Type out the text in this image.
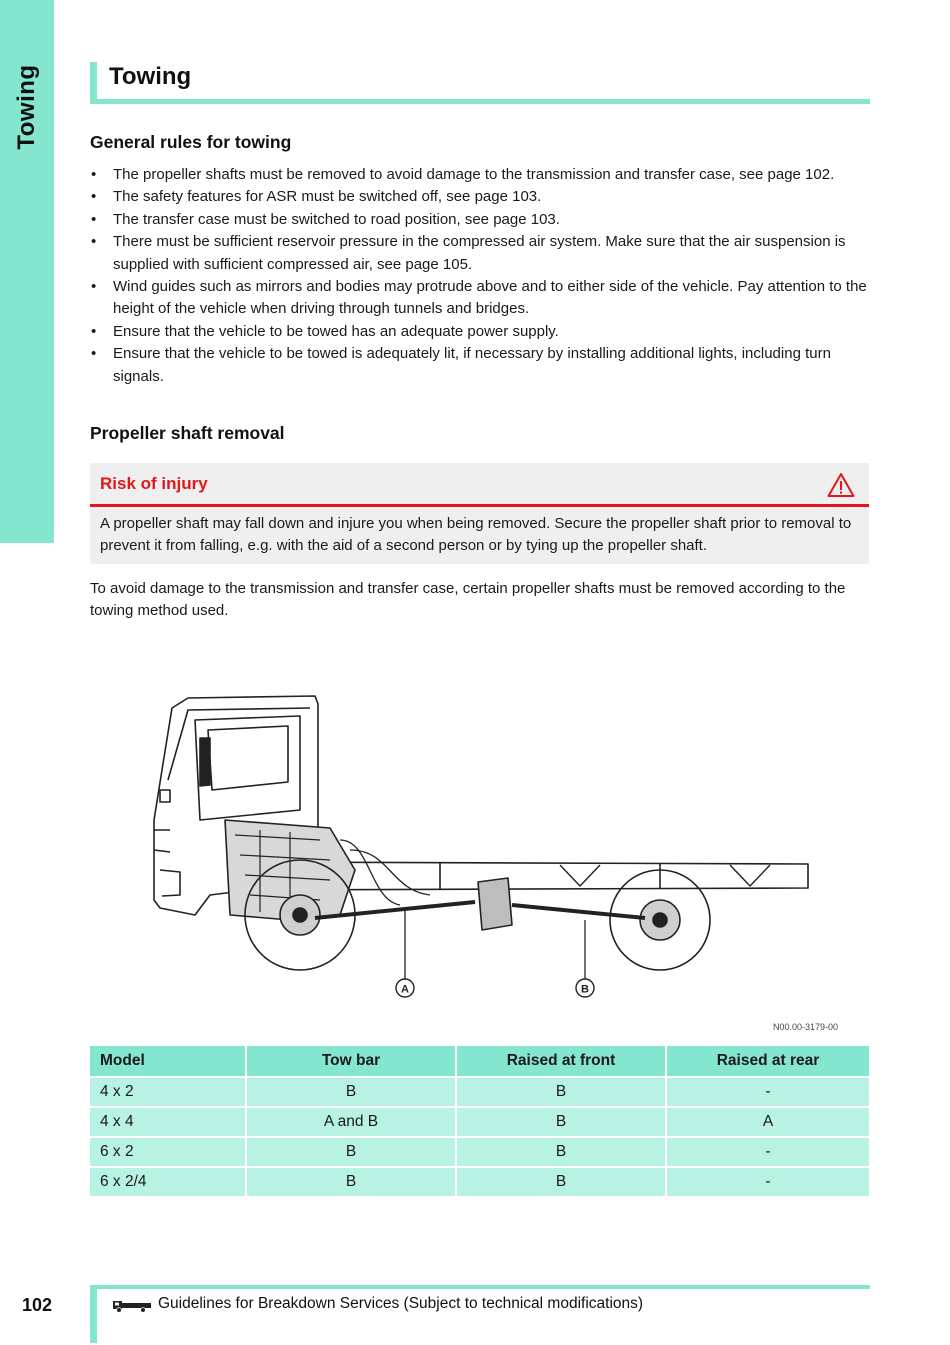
Towing	Towing
General rules for towing
• The propeller shafts must be removed to avoid damage to the transmission and transfer case, see page 102.
• The safety features for ASR must be switched off, see page 103.
• The transfer case must be switched to road position, see page 103.
• There must be sufficient reservoir pressure in the compressed air system. Make sure that the air suspension is supplied with sufficient compressed air, see page 105.
• Wind guides such as mirrors and bodies may protrude above and to either side of the vehicle. Pay attention to the height of the vehicle when driving through tunnels and bridges.
• Ensure that the vehicle to be towed has an adequate power supply.
• Ensure that the vehicle to be towed is adequately lit, if necessary by installing additional lights, including turn signals.
Propeller shaft removal
Risk of injury
A propeller shaft may fall down and injure you when being removed. Secure the propeller shaft prior to removal to prevent it from falling, e.g. with the aid of a second person or by tying up the propeller shaft.
To avoid damage to the transmission and transfer case, certain propeller shafts must be removed according to the towing method used.
A	B
N00.00-3179-00
Model	Tow bar	Raised at front	Raised at rear
4 x 2	B	B	-
4 x 4	A and B	B	A
6 x 2	B	B	-
6 x 2/4	B	B	-
102	Guidelines for Breakdown Services (Subject to technical modifications)
